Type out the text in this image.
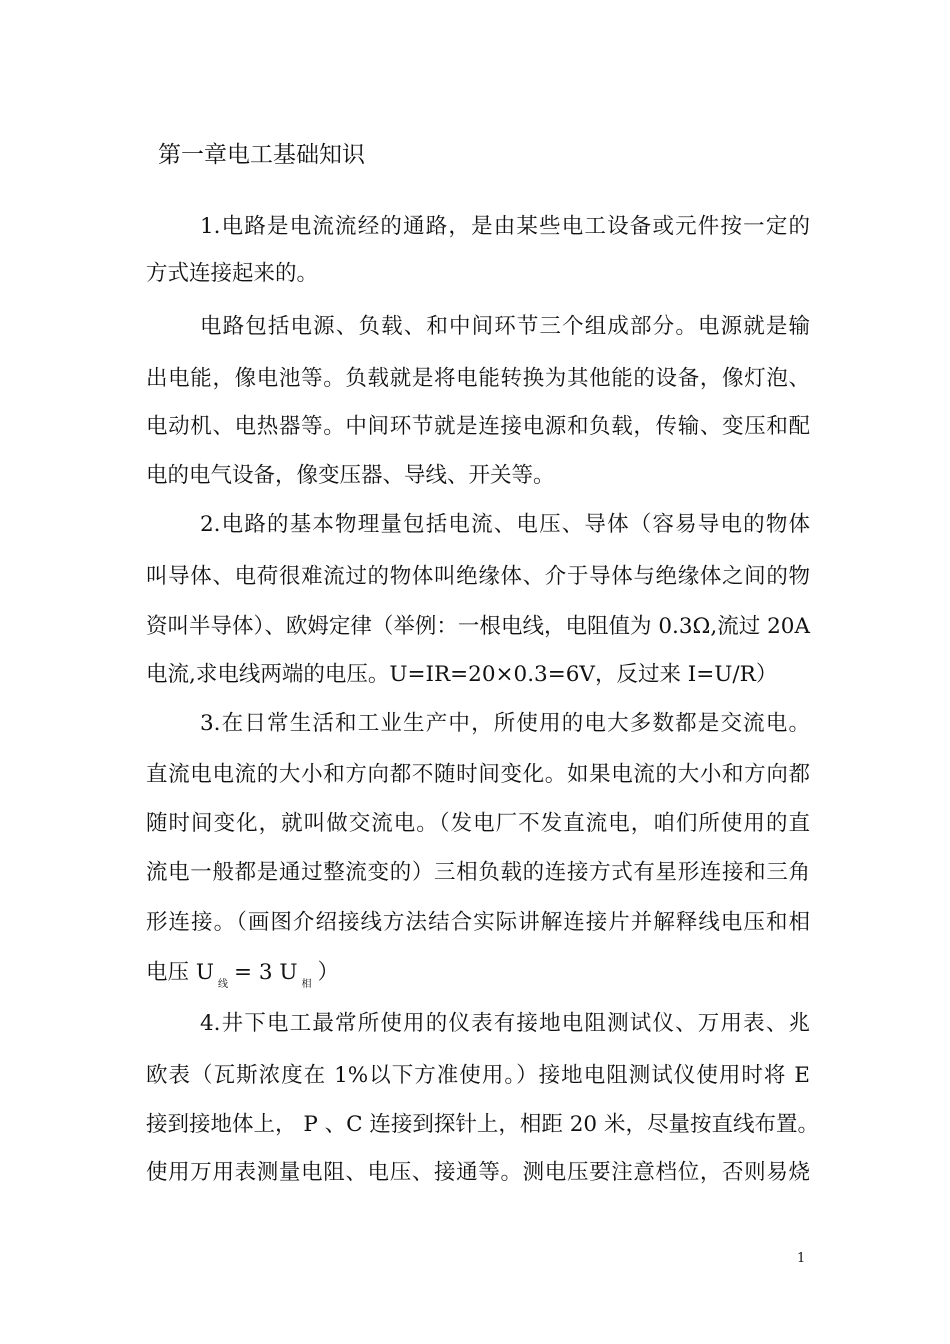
第一章电工基础知识
1.电路是电流流经的通路，是由某些电工设备或元件按一定的
方式连接起来的。
电路包括电源、负载、和中间环节三个组成部分。电源就是输
出电能，像电池等。负载就是将电能转换为其他能的设备，像灯泡、
电动机、电热器等。中间环节就是连接电源和负载，传输、变压和配
电的电气设备，像变压器、导线、开关等。
2.电路的基本物理量包括电流、电压、导体（容易导电的物体
叫导体、电荷很难流过的物体叫绝缘体、介于导体与绝缘体之间的物
资叫半导体）、欧姆定律（举例：一根电线，电阻值为 0.3Ω,流过 20A
电流,求电线两端的电压。U=IR=20×0.3=6V，反过来 I=U/R）
3.在日常生活和工业生产中，所使用的电大多数都是交流电。
直流电电流的大小和方向都不随时间变化。如果电流的大小和方向都
随时间变化，就叫做交流电。（发电厂不发直流电，咱们所使用的直
流电一般都是通过整流变的）三相负载的连接方式有星形连接和三角
形连接。（画图介绍接线方法结合实际讲解连接片并解释线电压和相
电压 U $_线$ = 3 U $_相$ ）
4.井下电工最常所使用的仪表有接地电阻测试仪、万用表、兆
欧表（瓦斯浓度在 1%以下方准使用。）接地电阻测试仪使用时将 E
接到接地体上， P 、C 连接到探针上，相距 20 米，尽量按直线布置。
使用万用表测量电阻、电压、接通等。测电压要注意档位，否则易烧
1
